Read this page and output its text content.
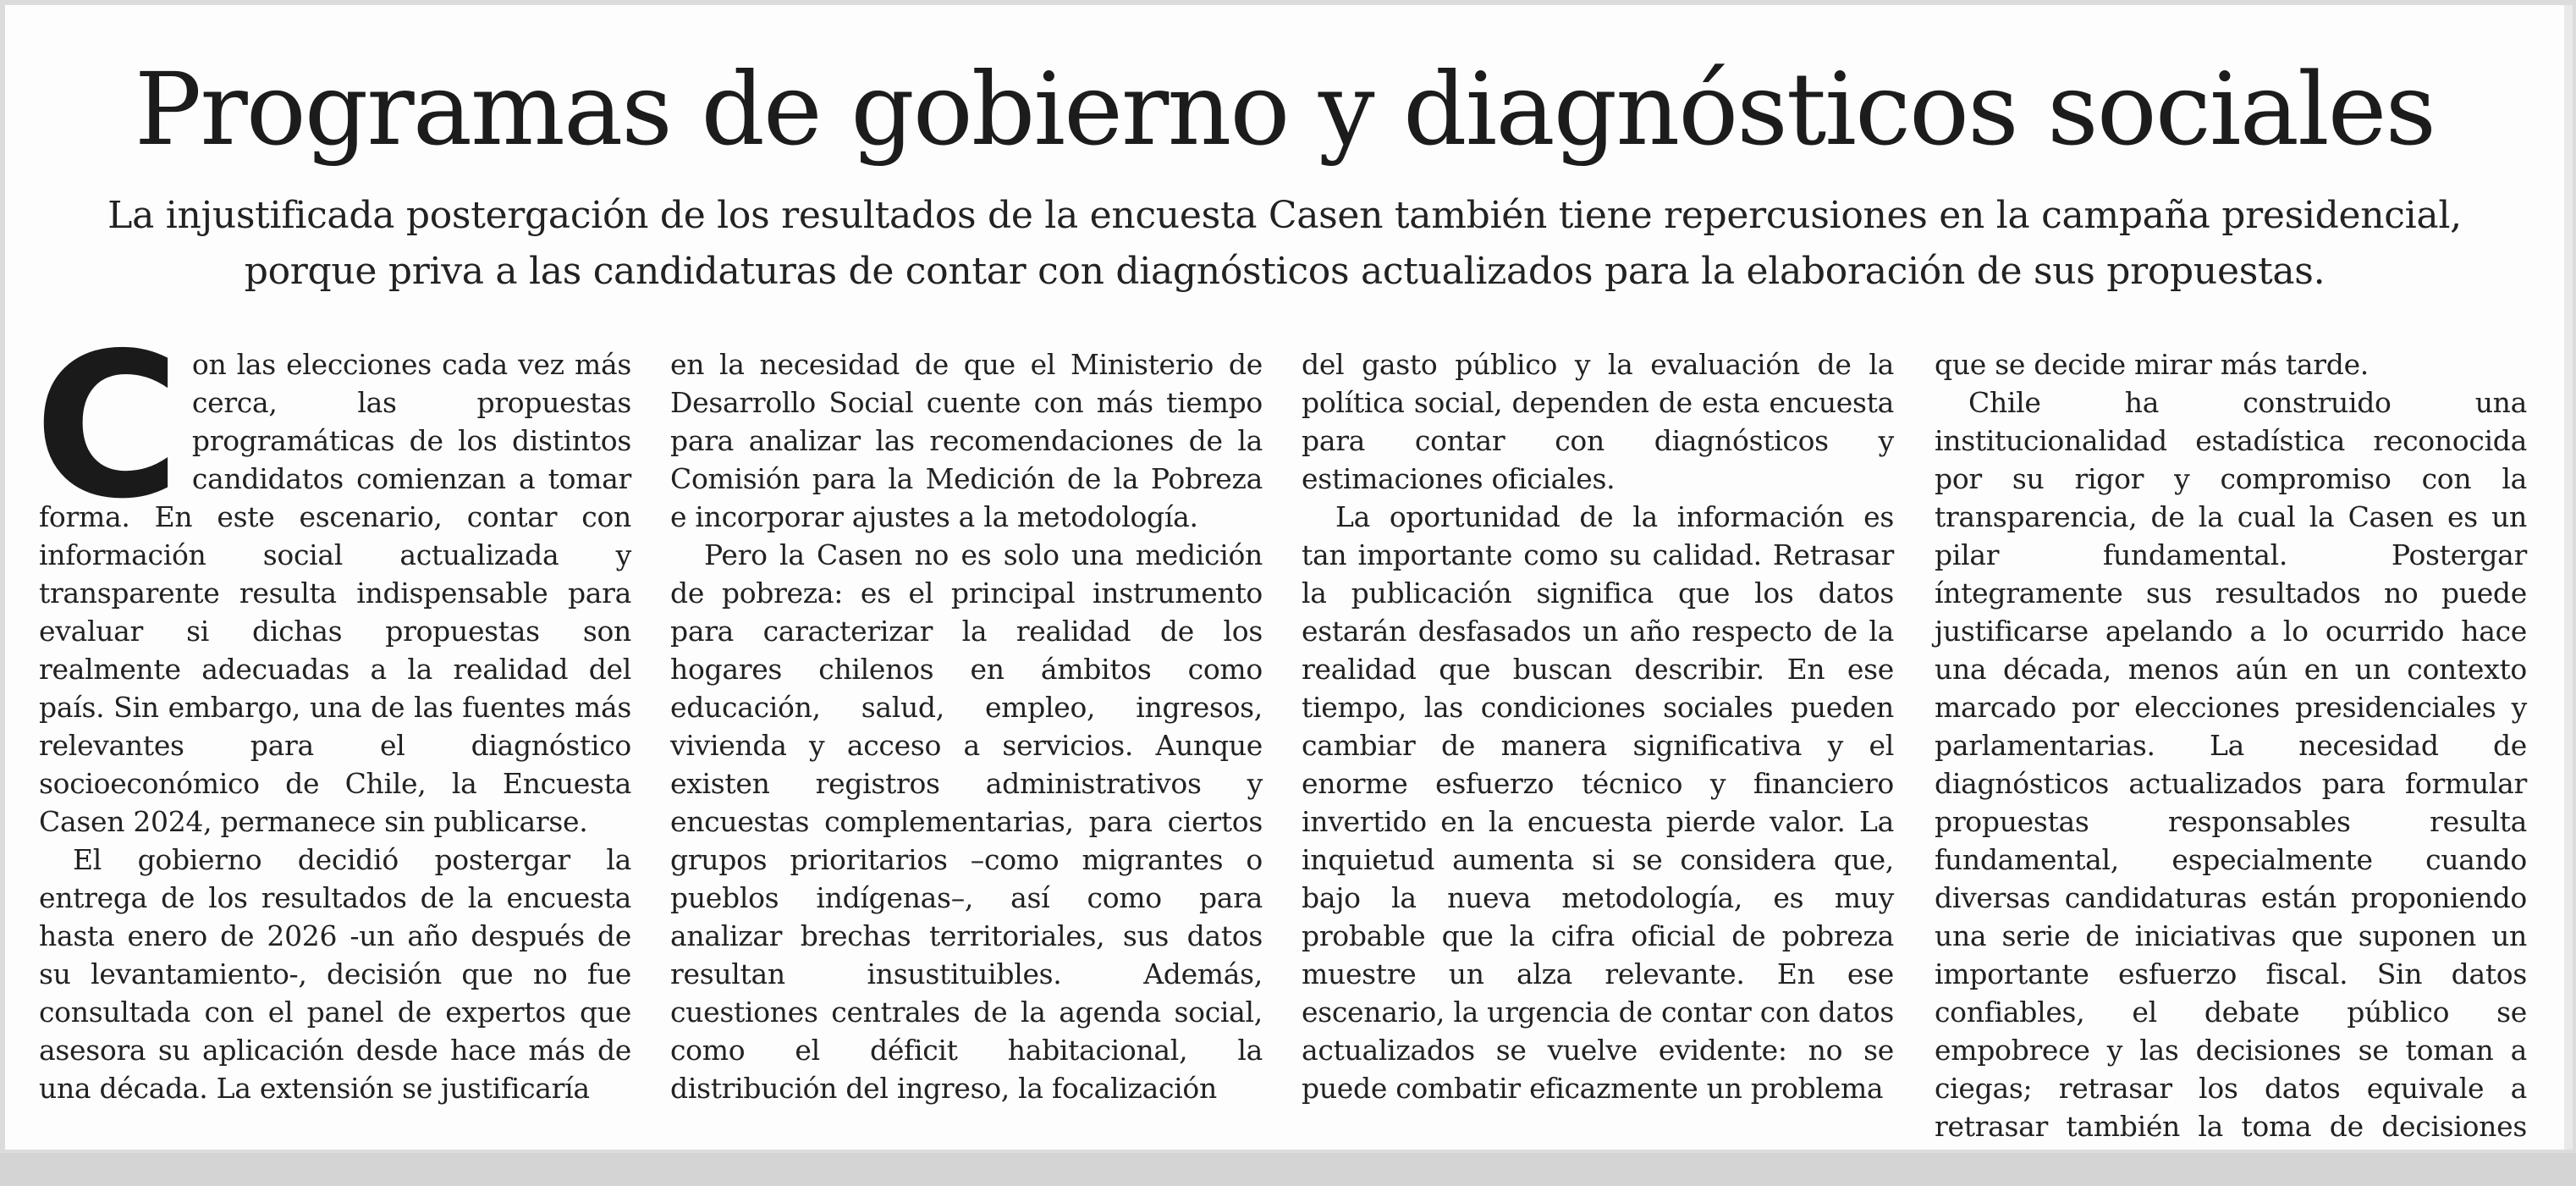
Programas de gobierno y diagnósticos sociales
La injustificada postergación de los resultados de la encuesta Casen también tiene repercusiones en la campaña presidencial,
porque priva a las candidaturas de contar con diagnósticos actualizados para la elaboración de sus propuestas.

Con las elecciones cada vez más cerca, las propuestas programáticas de los distintos candidatos comienzan a tomar forma. En este escenario, contar con información social actualizada y transparente resulta indispensable para evaluar si dichas propuestas son realmente adecuadas a la realidad del país. Sin embargo, una de las fuentes más relevantes para el diagnóstico socioeconómico de Chile, la Encuesta Casen 2024, permanece sin publicarse.

El gobierno decidió postergar la entrega de los resultados de la encuesta hasta enero de 2026 -un año después de su levantamiento-, decisión que no fue consultada con el panel de expertos que asesora su aplicación desde hace más de una década. La extensión se justificaría

en la necesidad de que el Ministerio de Desarrollo Social cuente con más tiempo para analizar las recomendaciones de la Comisión para la Medición de la Pobreza e incorporar ajustes a la metodología.

Pero la Casen no es solo una medición de pobreza: es el principal instrumento para caracterizar la realidad de los hogares chilenos en ámbitos como educación, salud, empleo, ingresos, vivienda y acceso a servicios. Aunque existen registros administrativos y encuestas complementarias, para ciertos grupos prioritarios –como migrantes o pueblos indígenas–, así como para analizar brechas territoriales, sus datos resultan insustituibles. Además, cuestiones centrales de la agenda social, como el déficit habitacional, la distribución del ingreso, la focalización

del gasto público y la evaluación de la política social, dependen de esta encuesta para contar con diagnósticos y estimaciones oficiales.

La oportunidad de la información es tan importante como su calidad. Retrasar la publicación significa que los datos estarán desfasados un año respecto de la realidad que buscan describir. En ese tiempo, las condiciones sociales pueden cambiar de manera significativa y el enorme esfuerzo técnico y financiero invertido en la encuesta pierde valor. La inquietud aumenta si se considera que, bajo la nueva metodología, es muy probable que la cifra oficial de pobreza muestre un alza relevante. En ese escenario, la urgencia de contar con datos actualizados se vuelve evidente: no se puede combatir eficazmente un problema

que se decide mirar más tarde.

Chile ha construido una institucionalidad estadística reconocida por su rigor y compromiso con la transparencia, de la cual la Casen es un pilar fundamental. Postergar íntegramente sus resultados no puede justificarse apelando a lo ocurrido hace una década, menos aún en un contexto marcado por elecciones presidenciales y parlamentarias. La necesidad de diagnósticos actualizados para formular propuestas responsables resulta fundamental, especialmente cuando diversas candidaturas están proponiendo una serie de iniciativas que suponen un importante esfuerzo fiscal. Sin datos confiables, el debate público se empobrece y las decisiones se toman a ciegas; retrasar los datos equivale a retrasar también la toma de decisiones
